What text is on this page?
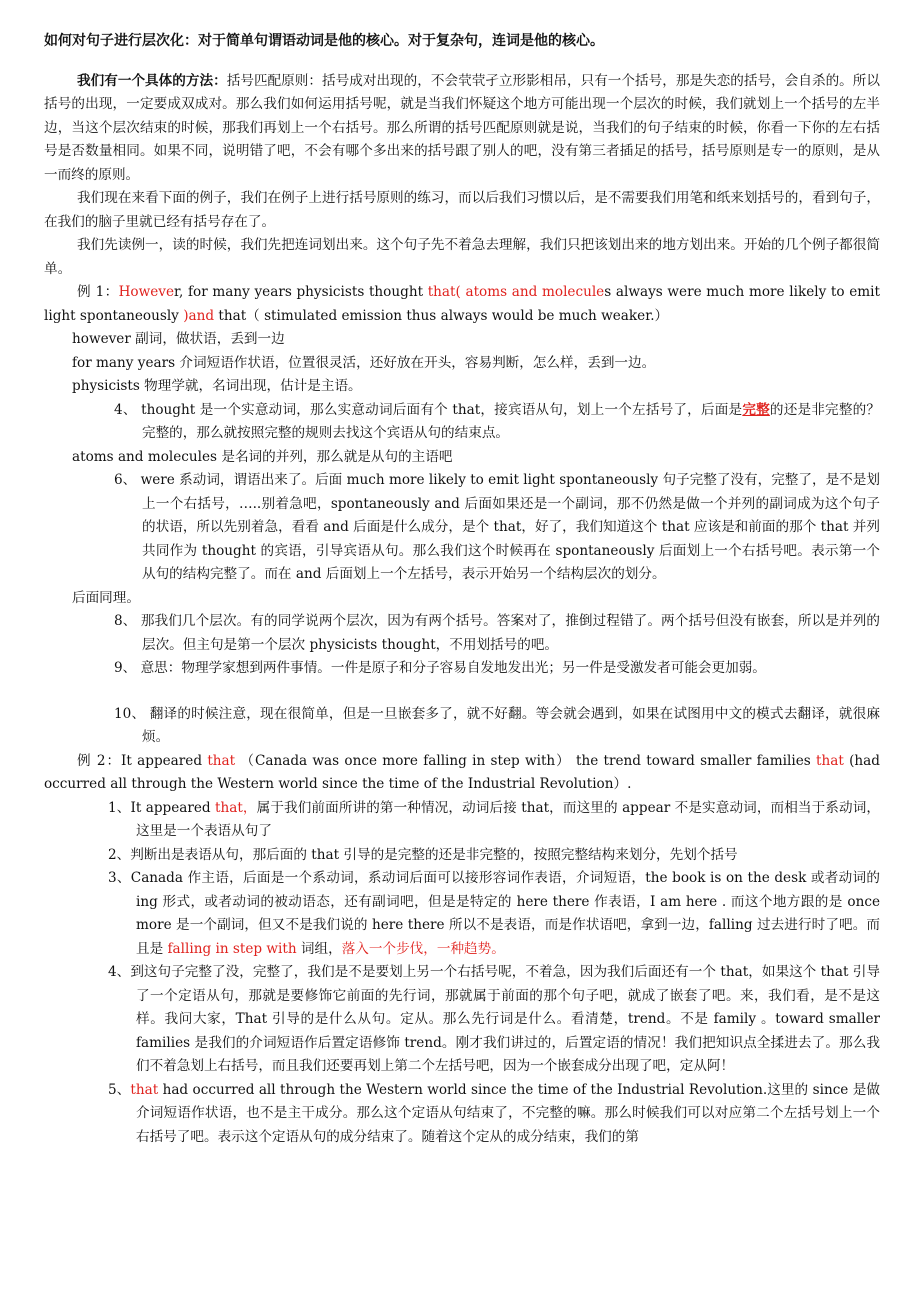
如何对句子进行层次化：对于简单句谓语动词是他的核心。对于复杂句，连词是他的核心。

我们有一个具体的方法：括号匹配原则：括号成对出现的，不会茕茕孑立形影相吊，只有一个括号，那是失恋的括号，会自杀的。所以括号的出现，一定要成双成对。那么我们如何运用括号呢，就是当我们怀疑这个地方可能出现一个层次的时候，我们就划上一个括号的左半边，当这个层次结束的时候，那我们再划上一个右括号。那么所谓的括号匹配原则就是说，当我们的句子结束的时候，你看一下你的左右括号是否数量相同。如果不同，说明错了吧，不会有哪个多出来的括号跟了别人的吧，没有第三者插足的括号，括号原则是专一的原则，是从一而终的原则。

我们现在来看下面的例子，我们在例子上进行括号原则的练习，而以后我们习惯以后，是不需要我们用笔和纸来划括号的，看到句子，在我们的脑子里就已经有括号存在了。

我们先读例一，读的时候，我们先把连词划出来。这个句子先不着急去理解，我们只把该划出来的地方划出来。开始的几个例子都很简单。

例 1：However, for many years physicists thought that( atoms and molecules always were much more likely to emit light spontaneously )and that（ stimulated emission thus always would be much weaker.）

however 副词，做状语，丢到一边

for many years 介词短语作状语，位置很灵活，还好放在开头，容易判断，怎么样，丢到一边。

physicists 物理学就，名词出现，估计是主语。

4、 thought 是一个实意动词，那么实意动词后面有个 that，接宾语从句，划上一个左括号了，后面是完整的还是非完整的？ 完整的，那么就按照完整的规则去找这个宾语从句的结束点。

atoms and molecules 是名词的并列，那么就是从句的主语吧

6、 were 系动词，谓语出来了。后面 much more likely to emit light spontaneously 句子完整了没有，完整了，是不是划上一个右括号，…..别着急吧，spontaneously and 后面如果还是一个副词，那不仍然是做一个并列的副词成为这个句子的状语，所以先别着急，看看 and 后面是什么成分，是个 that，好了，我们知道这个 that 应该是和前面的那个 that 并列共同作为 thought 的宾语，引导宾语从句。那么我们这个时候再在 spontaneously 后面划上一个右括号吧。表示第一个从句的结构完整了。而在 and 后面划上一个左括号，表示开始另一个结构层次的划分。

后面同理。

8、 那我们几个层次。有的同学说两个层次，因为有两个括号。答案对了，推倒过程错了。两个括号但没有嵌套，所以是并列的层次。但主句是第一个层次 physicists thought，不用划括号的吧。

9、 意思：物理学家想到两件事情。一件是原子和分子容易自发地发出光；另一件是受激发者可能会更加弱。

10、 翻译的时候注意，现在很简单，但是一旦嵌套多了，就不好翻。等会就会遇到，如果在试图用中文的模式去翻译，就很麻烦。

例 2：It appeared that （Canada was once more falling in step with） the trend toward smaller families that (had occurred all through the Western world since the time of the Industrial Revolution）.

1、It appeared that，属于我们前面所讲的第一种情况，动词后接 that，而这里的 appear 不是实意动词，而相当于系动词，这里是一个表语从句了

2、判断出是表语从句，那后面的 that 引导的是完整的还是非完整的，按照完整结构来划分，先划个括号

3、Canada 作主语，后面是一个系动词，系动词后面可以接形容词作表语，介词短语，the book is on the desk 或者动词的 ing 形式，或者动词的被动语态，还有副词吧，但是是特定的 here there 作表语，I am here . 而这个地方跟的是 once more 是一个副词，但又不是我们说的 here there 所以不是表语，而是作状语吧，拿到一边，falling 过去进行时了吧。而且是 falling in step with 词组，落入一个步伐，一种趋势。

4、到这句子完整了没，完整了，我们是不是要划上另一个右括号呢，不着急，因为我们后面还有一个 that，如果这个 that 引导了一个定语从句，那就是要修饰它前面的先行词，那就属于前面的那个句子吧，就成了嵌套了吧。来，我们看，是不是这样。我问大家，That 引导的是什么从句。定从。那么先行词是什么。看清楚，trend。不是 family 。toward smaller families 是我们的介词短语作后置定语修饰 trend。刚才我们讲过的，后置定语的情况！我们把知识点全揉进去了。那么我们不着急划上右括号，而且我们还要再划上第二个左括号吧，因为一个嵌套成分出现了吧，定从阿！

5、that had occurred all through the Western world since the time of the Industrial Revolution.这里的 since 是做介词短语作状语，也不是主干成分。那么这个定语从句结束了，不完整的嘛。那么时候我们可以对应第二个左括号划上一个右括号了吧。表示这个定语从句的成分结束了。随着这个定从的成分结束，我们的第
